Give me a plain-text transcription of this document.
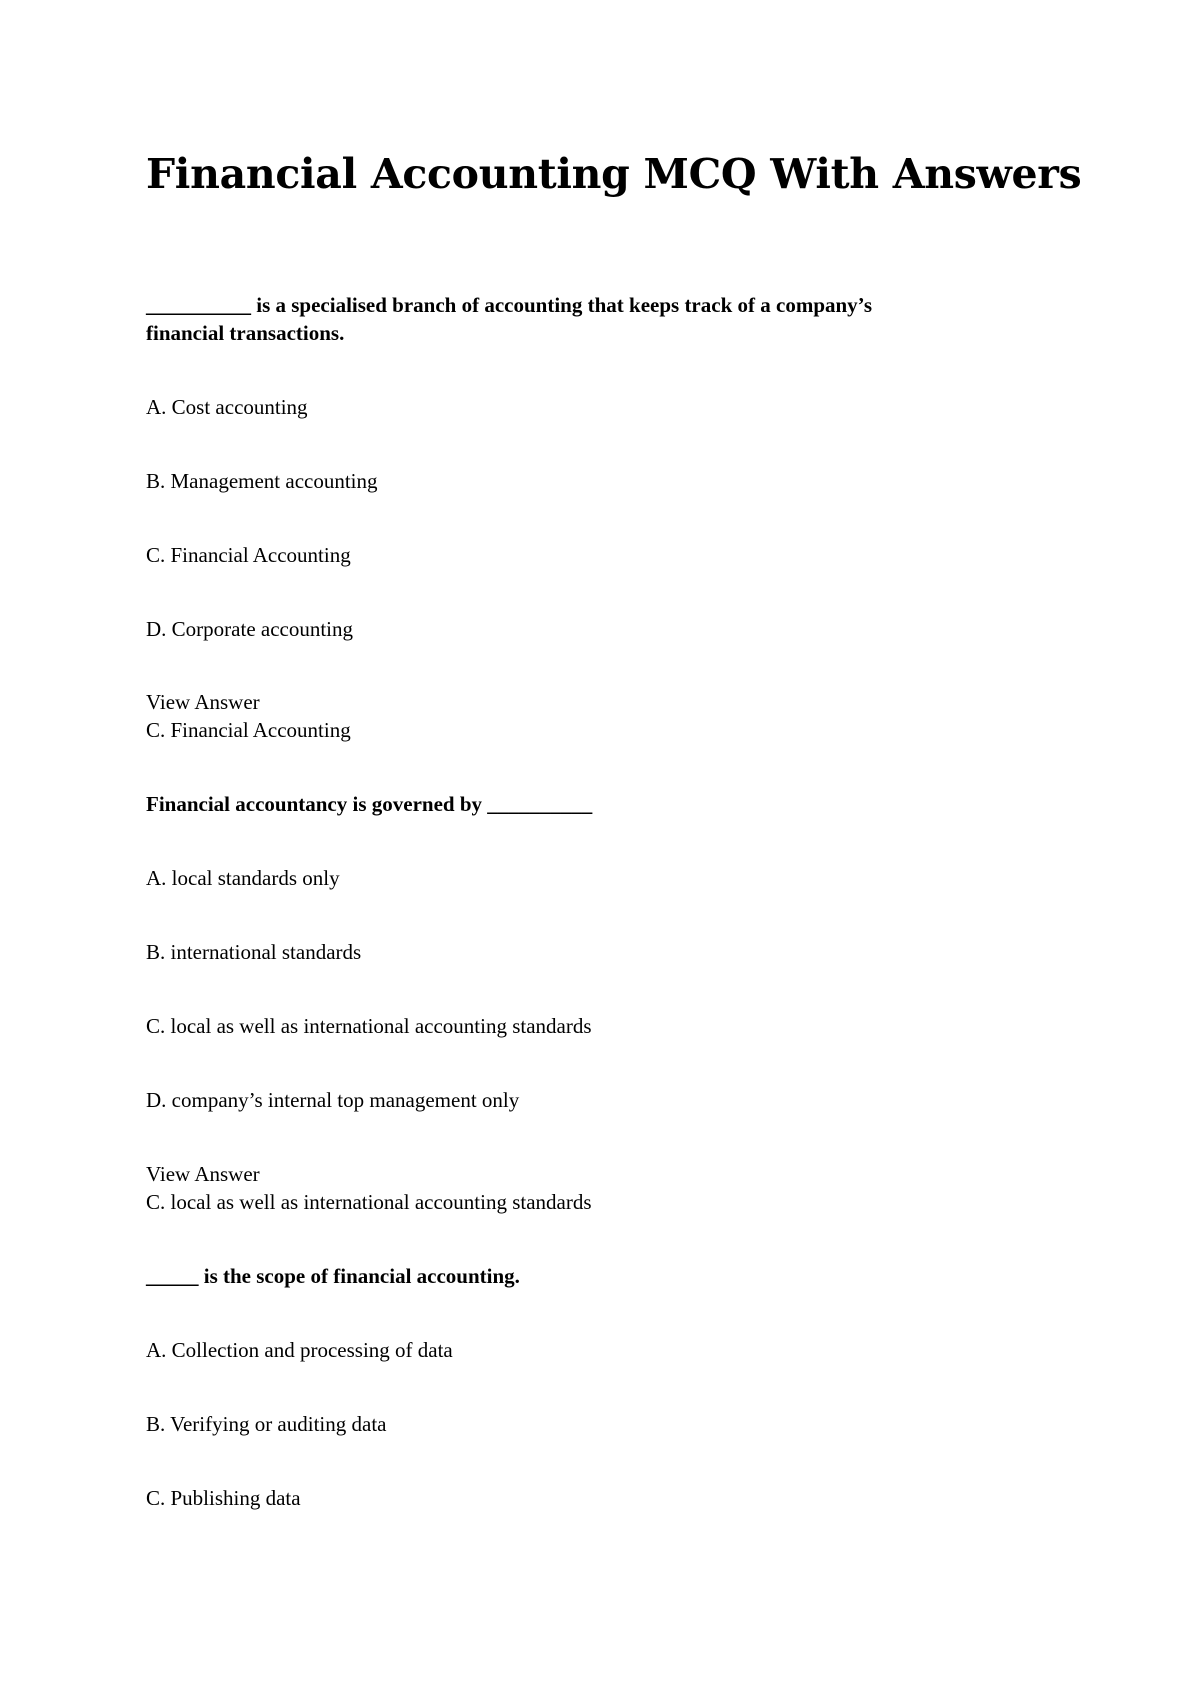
Financial Accounting MCQ With Answers
__________ is a specialised branch of accounting that keeps track of a company’s
financial transactions.
A. Cost accounting
B. Management accounting
C. Financial Accounting
D. Corporate accounting
View Answer
C. Financial Accounting
Financial accountancy is governed by __________
A. local standards only
B. international standards
C. local as well as international accounting standards
D. company’s internal top management only
View Answer
C. local as well as international accounting standards
_____ is the scope of financial accounting.
A. Collection and processing of data
B. Verifying or auditing data
C. Publishing data
